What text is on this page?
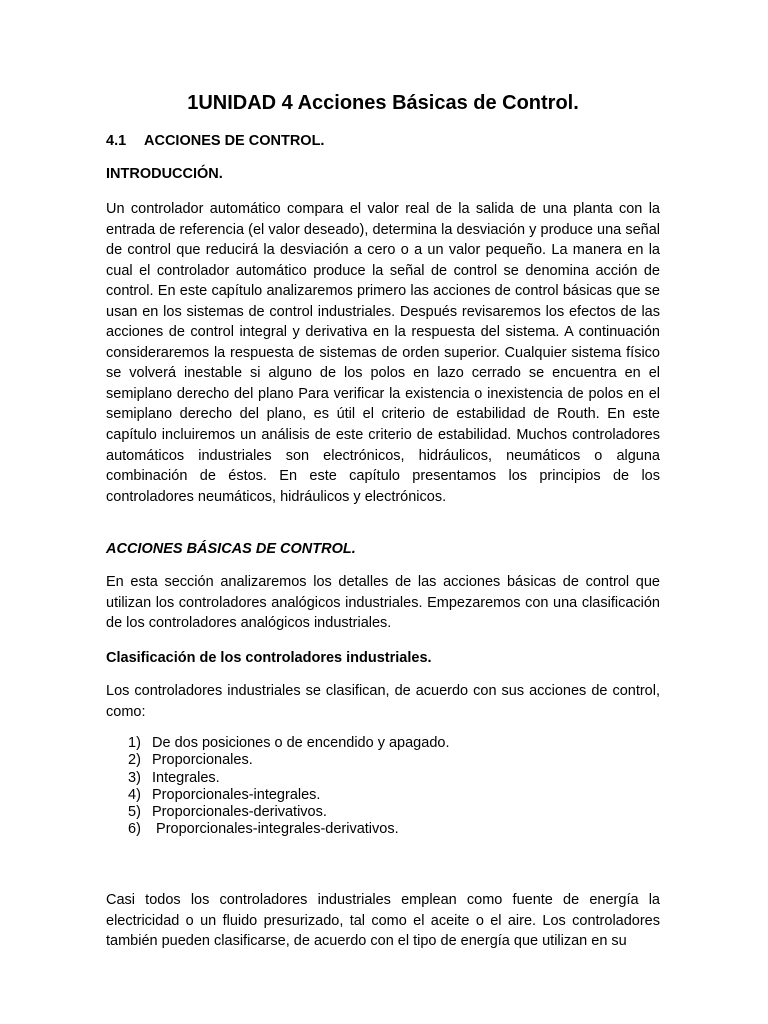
1UNIDAD 4 Acciones Básicas de Control.

4.1 ACCIONES DE CONTROL.

INTRODUCCIÓN.

Un controlador automático compara el valor real de la salida de una planta con la entrada de referencia (el valor deseado), determina la desviación y produce una señal de control que reducirá la desviación a cero o a un valor pequeño. La manera en la cual el controlador automático produce la señal de control se denomina acción de control. En este capítulo analizaremos primero las acciones de control básicas que se usan en los sistemas de control industriales. Después revisaremos los efectos de las acciones de control integral y derivativa en la respuesta del sistema. A continuación consideraremos la respuesta de sistemas de orden superior. Cualquier sistema físico se volverá inestable si alguno de los polos en lazo cerrado se encuentra en el semiplano derecho del plano Para verificar la existencia o inexistencia de polos en el semiplano derecho del plano, es útil el criterio de estabilidad de Routh. En este capítulo incluiremos un análisis de este criterio de estabilidad. Muchos controladores automáticos industriales son electrónicos, hidráulicos, neumáticos o alguna combinación de éstos. En este capítulo presentamos los principios de los controladores neumáticos, hidráulicos y electrónicos.

ACCIONES BÁSICAS DE CONTROL.

En esta sección analizaremos los detalles de las acciones básicas de control que utilizan los controladores analógicos industriales. Empezaremos con una clasificación de los controladores analógicos industriales.

Clasificación de los controladores industriales.

Los controladores industriales se clasifican, de acuerdo con sus acciones de control, como:

1) De dos posiciones o de encendido y apagado.
2) Proporcionales.
3) Integrales.
4) Proporcionales-integrales.
5) Proporcionales-derivativos.
6) Proporcionales-integrales-derivativos.

Casi todos los controladores industriales emplean como fuente de energía la electricidad o un fluido presurizado, tal como el aceite o el aire. Los controladores también pueden clasificarse, de acuerdo con el tipo de energía que utilizan en su
